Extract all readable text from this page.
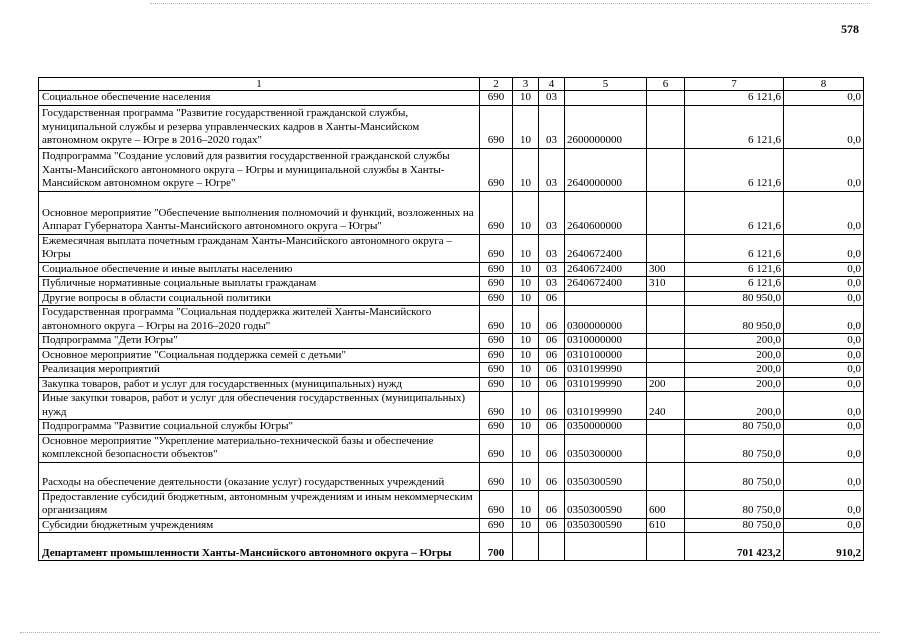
578
1	2	3	4	5	6	7	8
Социальное обеспечение населения	690	10	03			6 121,6	0,0
Государственная программа "Развитие государственной гражданской службы, муниципальной службы и резерва управленческих кадров в Ханты-Мансийском автономном округе – Югре в 2016–2020 годах"	690	10	03	2600000000		6 121,6	0,0
Подпрограмма "Создание условий для развития государственной гражданской службы Ханты-Мансийского автономного округа – Югры и муниципальной службы в Ханты-Мансийском автономном округе – Югре"	690	10	03	2640000000		6 121,6	0,0
Основное мероприятие "Обеспечение выполнения полномочий и функций, возложенных на Аппарат Губернатора Ханты-Мансийского автономного округа – Югры"	690	10	03	2640600000		6 121,6	0,0
Ежемесячная выплата почетным гражданам Ханты-Мансийского автономного округа – Югры	690	10	03	2640672400		6 121,6	0,0
Социальное обеспечение и иные выплаты населению	690	10	03	2640672400	300	6 121,6	0,0
Публичные нормативные социальные выплаты гражданам	690	10	03	2640672400	310	6 121,6	0,0
Другие вопросы в области социальной политики	690	10	06			80 950,0	0,0
Государственная программа "Социальная поддержка жителей Ханты-Мансийского автономного округа – Югры на 2016–2020 годы"	690	10	06	0300000000		80 950,0	0,0
Подпрограмма "Дети Югры"	690	10	06	0310000000		200,0	0,0
Основное мероприятие "Социальная поддержка семей с детьми"	690	10	06	0310100000		200,0	0,0
Реализация мероприятий	690	10	06	0310199990		200,0	0,0
Закупка товаров, работ и услуг для государственных (муниципальных) нужд	690	10	06	0310199990	200	200,0	0,0
Иные закупки товаров, работ и услуг для обеспечения государственных (муниципальных) нужд	690	10	06	0310199990	240	200,0	0,0
Подпрограмма "Развитие социальной службы Югры"	690	10	06	0350000000		80 750,0	0,0
Основное мероприятие "Укрепление материально-технической базы и обеспечение комплексной безопасности объектов"	690	10	06	0350300000		80 750,0	0,0
Расходы на обеспечение деятельности (оказание услуг) государственных учреждений	690	10	06	0350300590		80 750,0	0,0
Предоставление субсидий бюджетным, автономным учреждениям и иным некоммерческим организациям	690	10	06	0350300590	600	80 750,0	0,0
Субсидии бюджетным учреждениям	690	10	06	0350300590	610	80 750,0	0,0
Департамент промышленности Ханты-Мансийского автономного округа – Югры	700					701 423,2	910,2
